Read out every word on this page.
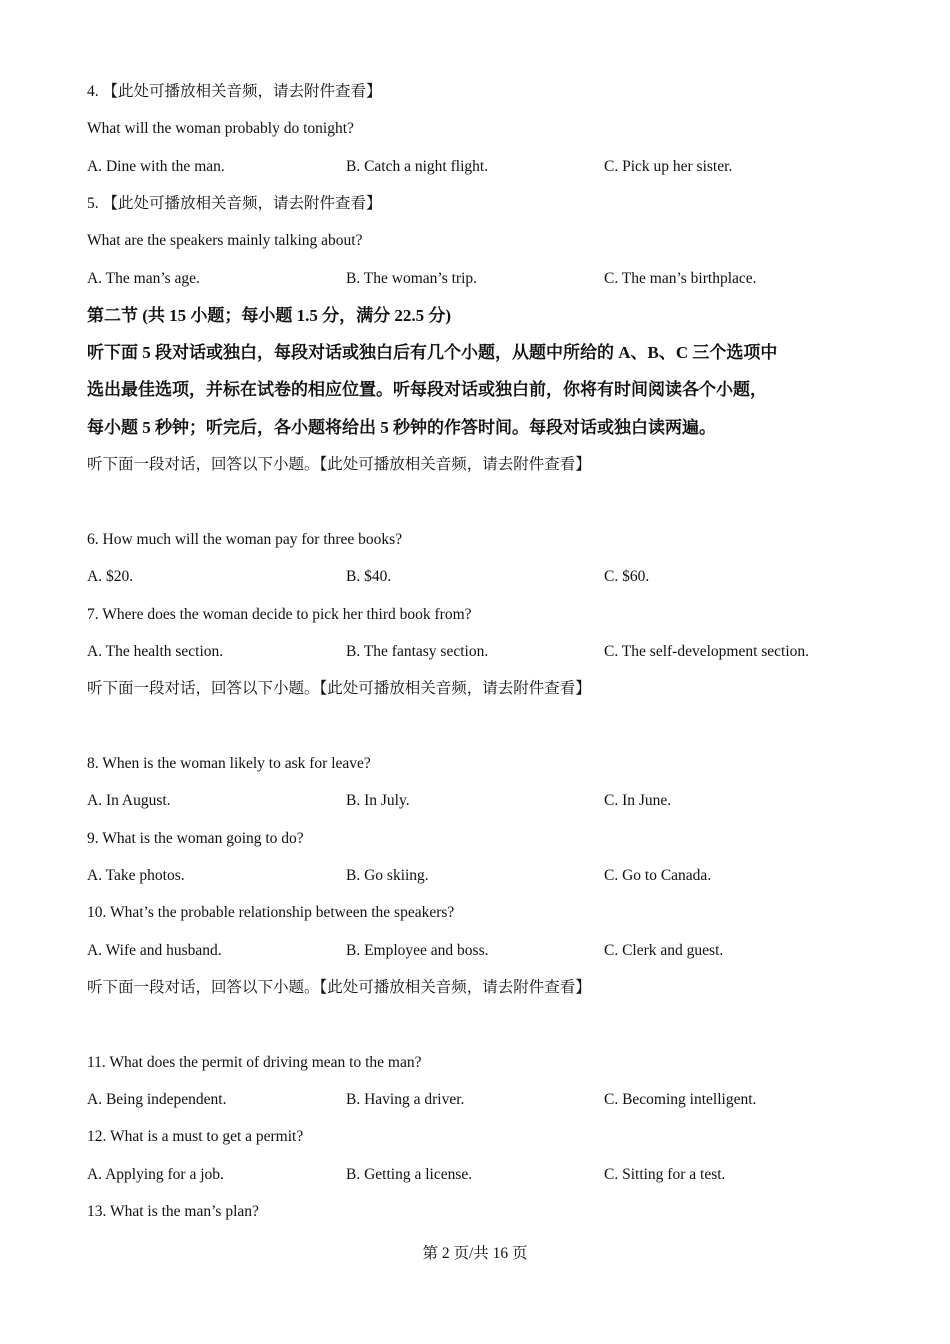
4. 【此处可播放相关音频，请去附件查看】
What will the woman probably do tonight?
A. Dine with the man.	B. Catch a night flight.	C. Pick up her sister.
5. 【此处可播放相关音频，请去附件查看】
What are the speakers mainly talking about?
A. The man’s age.	B. The woman’s trip.	C. The man’s birthplace.
第二节 (共 15 小题；每小题 1.5 分，满分 22.5 分)
听下面 5 段对话或独白，每段对话或独白后有几个小题，从题中所给的 A、B、C 三个选项中
选出最佳选项，并标在试卷的相应位置。听每段对话或独白前，你将有时间阅读各个小题，
每小题 5 秒钟；听完后，各小题将给出 5 秒钟的作答时间。每段对话或独白读两遍。
听下面一段对话，回答以下小题。【此处可播放相关音频，请去附件查看】
6. How much will the woman pay for three books?
A. $20.	B. $40.	C. $60.
7. Where does the woman decide to pick her third book from?
A. The health section.	B. The fantasy section.	C. The self-development section.
听下面一段对话，回答以下小题。【此处可播放相关音频，请去附件查看】
8. When is the woman likely to ask for leave?
A. In August.	B. In July.	C. In June.
9. What is the woman going to do?
A. Take photos.	B. Go skiing.	C. Go to Canada.
10. What’s the probable relationship between the speakers?
A. Wife and husband.	B. Employee and boss.	C. Clerk and guest.
听下面一段对话，回答以下小题。【此处可播放相关音频，请去附件查看】
11. What does the permit of driving mean to the man?
A. Being independent.	B. Having a driver.	C. Becoming intelligent.
12. What is a must to get a permit?
A. Applying for a job.	B. Getting a license.	C. Sitting for a test.
13. What is the man’s plan?
第 2 页/共 16 页
